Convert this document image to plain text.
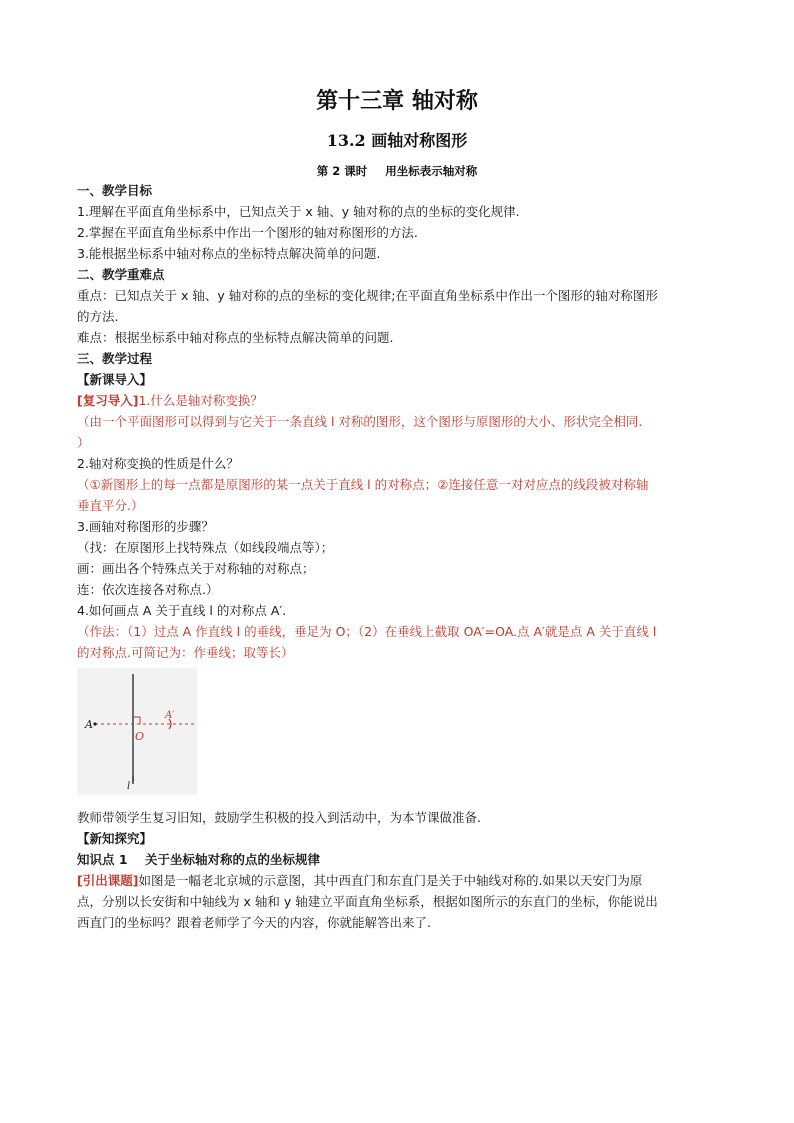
第十三章 轴对称
13.2 画轴对称图形
第 2 课时 用坐标表示轴对称
一、教学目标
1.理解在平面直角坐标系中，已知点关于 x 轴、y 轴对称的点的坐标的变化规律.
2.掌握在平面直角坐标系中作出一个图形的轴对称图形的方法.
3.能根据坐标系中轴对称点的坐标特点解决简单的问题.
二、教学重难点
重点：已知点关于 x 轴、y 轴对称的点的坐标的变化规律;在平面直角坐标系中作出一个图形的轴对称图形
的方法.
难点：根据坐标系中轴对称点的坐标特点解决简单的问题.
三、教学过程
【新课导入】
[复习导入]1.什么是轴对称变换？
（由一个平面图形可以得到与它关于一条直线 l 对称的图形，这个图形与原图形的大小、形状完全相同.
）
2.轴对称变换的性质是什么？
（①新图形上的每一点都是原图形的某一点关于直线 l 的对称点；②连接任意一对对应点的线段被对称轴
垂直平分.）
3.画轴对称图形的步骤？
（找：在原图形上找特殊点（如线段端点等）；
画：画出各个特殊点关于对称轴的对称点；
连：依次连接各对称点.）
4.如何画点 A 关于直线 l 的对称点 A′.
（作法：（1）过点 A 作直线 l 的垂线，垂足为 O；（2）在垂线上截取 OA′=OA.点 A′就是点 A 关于直线 l
的对称点.可简记为：作垂线；取等长）
A
O
A′
l
教师带领学生复习旧知，鼓励学生积极的投入到活动中，为本节课做准备.
【新知探究】
知识点 1 关于坐标轴对称的点的坐标规律
[引出课题]如图是一幅老北京城的示意图，其中西直门和东直门是关于中轴线对称的.如果以天安门为原
点，分别以长安街和中轴线为 x 轴和 y 轴建立平面直角坐标系，根据如图所示的东直门的坐标，你能说出
西直门的坐标吗？跟着老师学了今天的内容，你就能解答出来了.
